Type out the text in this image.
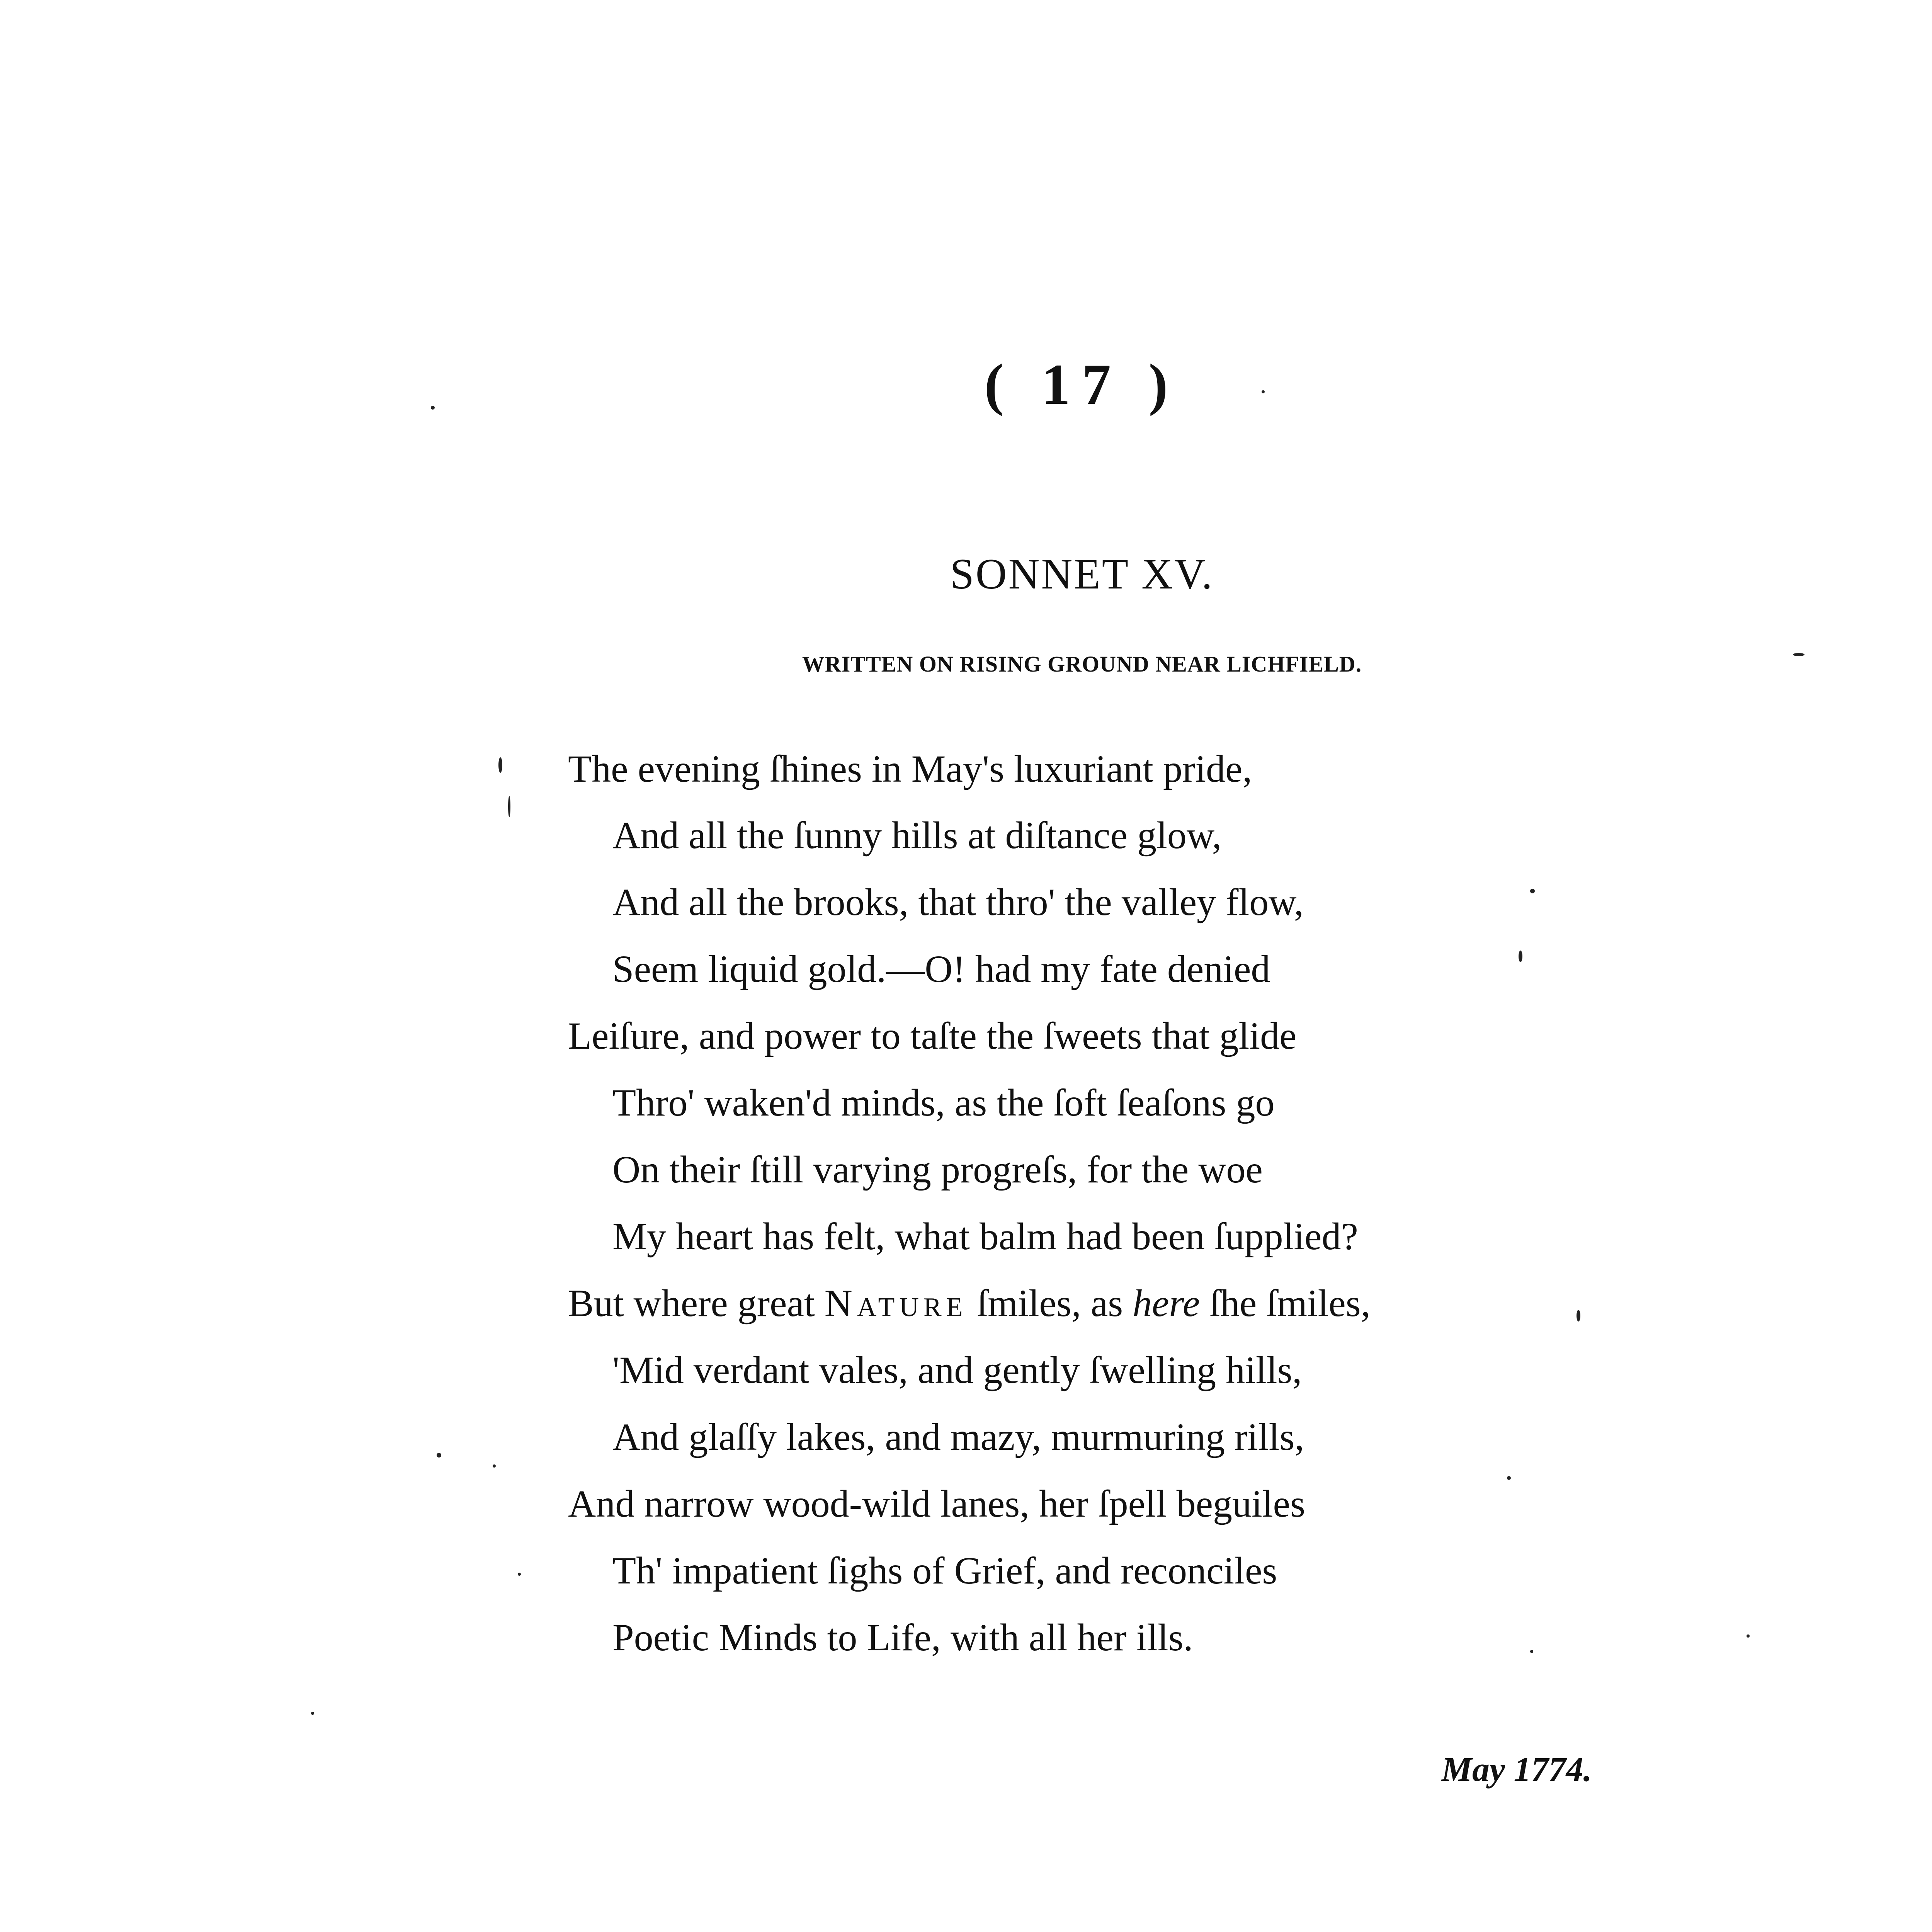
( 17 )
SONNET XV.
WRITTEN ON RISING GROUND NEAR LICHFIELD.
The evening ſhines in May's luxuriant pride,
And all the ſunny hills at diſtance glow,
And all the brooks, that thro' the valley flow,
Seem liquid gold.—O! had my fate denied
Leiſure, and power to taſte the ſweets that glide
Thro' waken'd minds, as the ſoft ſeaſons go
On their ſtill varying progreſs, for the woe
My heart has felt, what balm had been ſupplied?
But where great Nature ſmiles, as here ſhe ſmiles,
'Mid verdant vales, and gently ſwelling hills,
And glaſſy lakes, and mazy, murmuring rills,
And narrow wood-wild lanes, her ſpell beguiles
Th' impatient ſighs of Grief, and reconciles
Poetic Minds to Life, with all her ills.
May 1774.
